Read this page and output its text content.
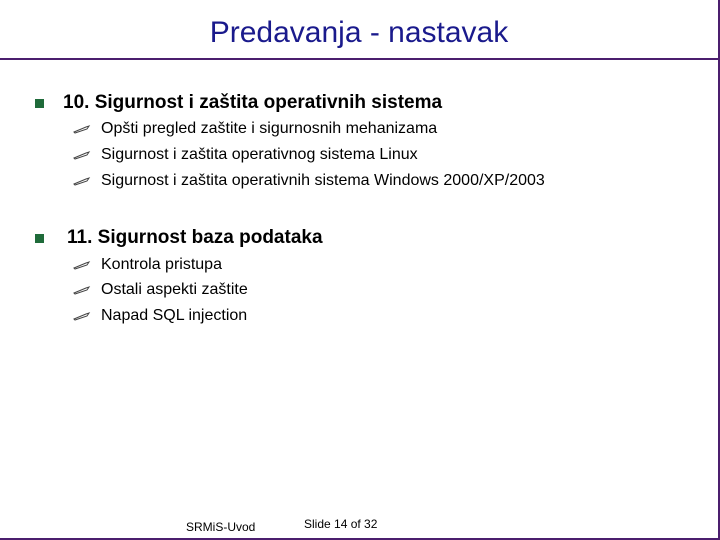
Predavanja - nastavak
10. Sigurnost i zaštita operativnih sistema
Opšti pregled zaštite i sigurnosnih mehanizama
Sigurnost i zaštita operativnog sistema Linux
Sigurnost i zaštita operativnih sistema Windows 2000/XP/2003
11. Sigurnost baza podataka
Kontrola pristupa
Ostali aspekti zaštite
Napad SQL injection
SRMiS-Uvod	Slide 14 of 32
